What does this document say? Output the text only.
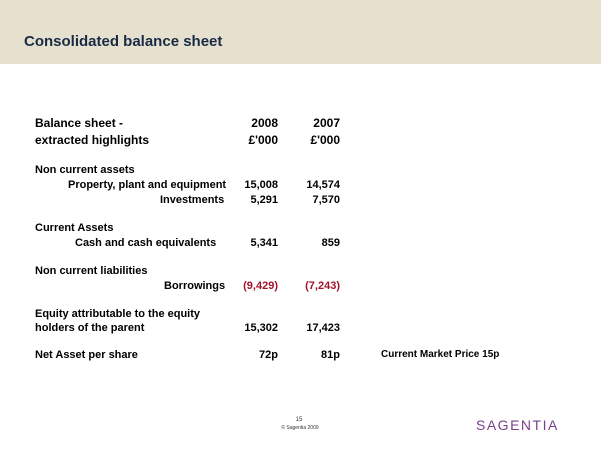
Consolidated balance sheet
Balance sheet -
extracted highlights
2008	2007
£'000	£'000
Non current assets
Property, plant and equipment	15,008	14,574
Investments	5,291	7,570
Current Assets
Cash and cash equivalents	5,341	859
Non current liabilities
Borrowings	(9,429)	(7,243)
Equity attributable to the equity
holders of the parent	15,302	17,423
Net Asset per share	72p	81p	Current Market Price 15p
15
© Sagentia 2009	SAGENTIA
